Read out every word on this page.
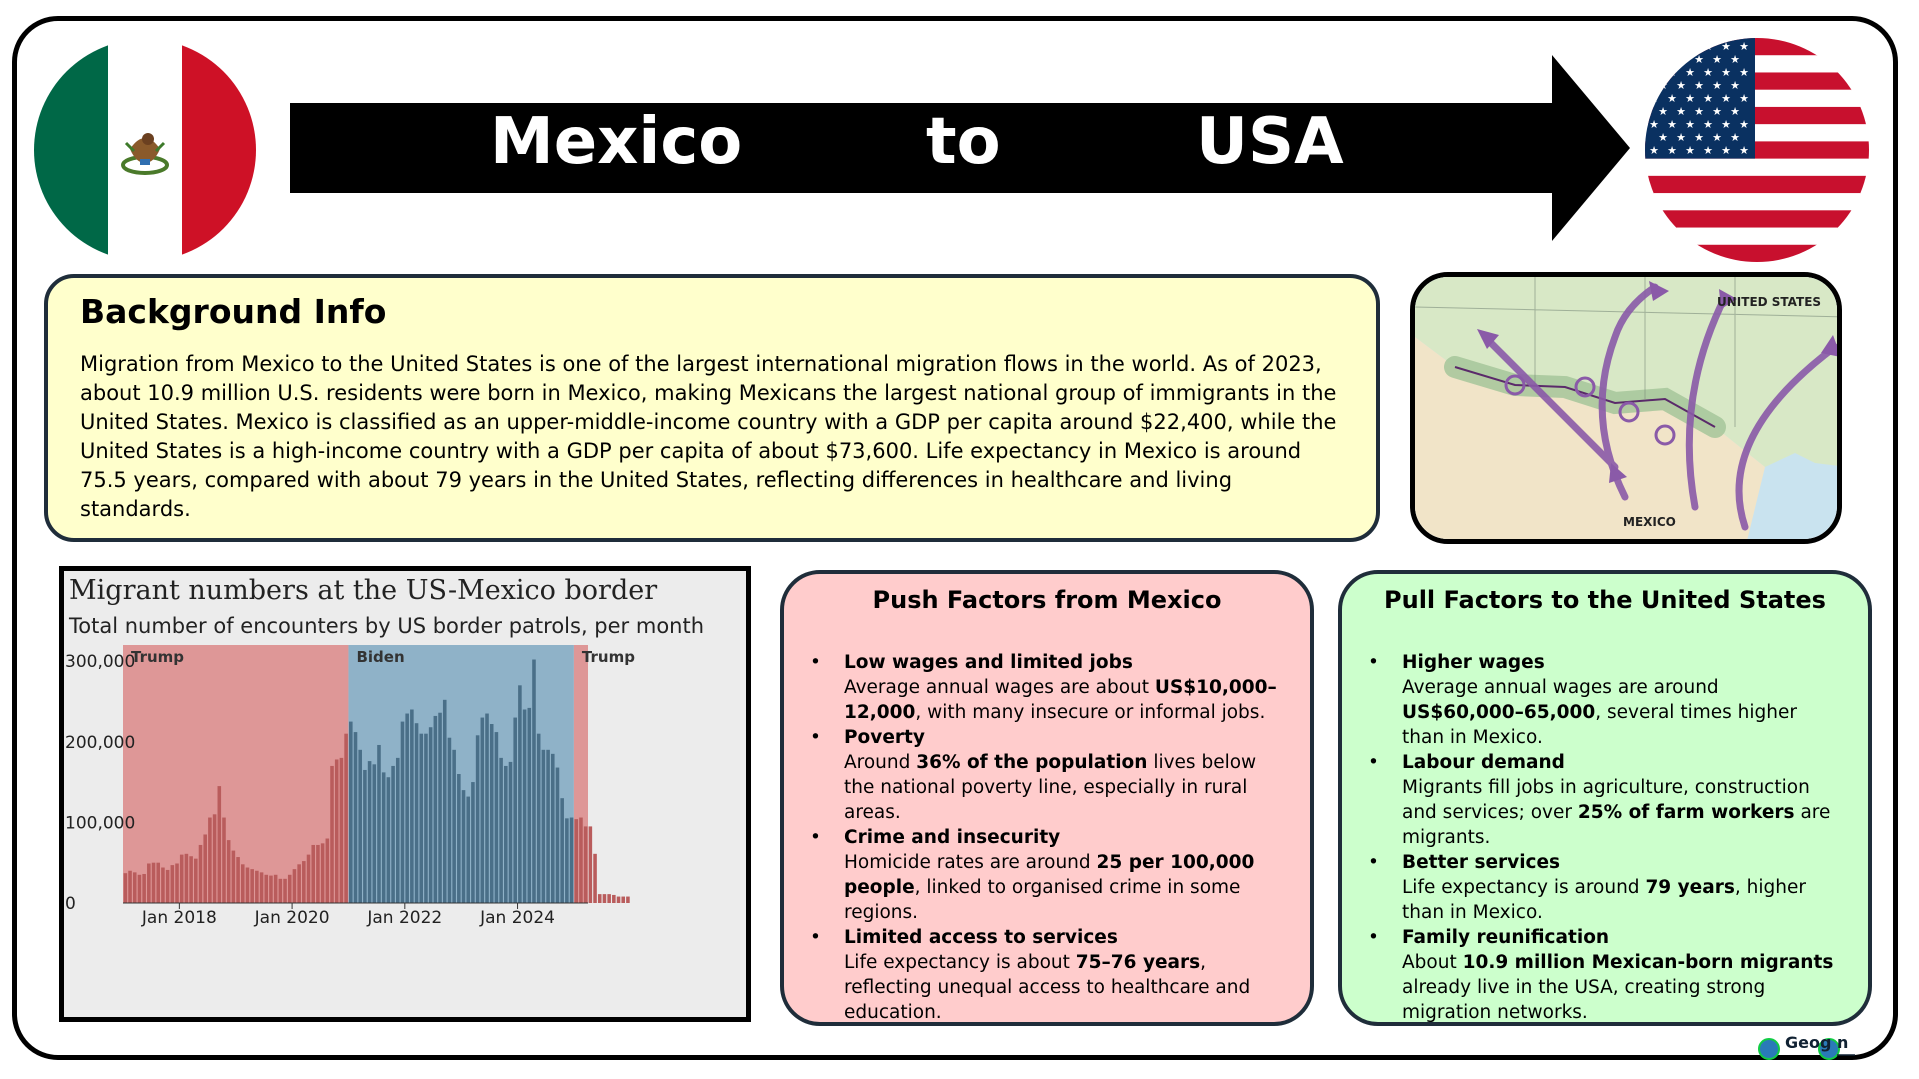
Mexico	to	USA
★ ★ ★ ★ ★ ★
★ ★ ★ ★ ★
★ ★ ★ ★ ★ ★
★ ★ ★ ★ ★
★ ★ ★ ★ ★ ★
★ ★ ★ ★ ★
★ ★ ★ ★ ★ ★
★ ★ ★ ★ ★
★ ★ ★ ★ ★ ★
Background Info
Migration from Mexico to the United States is one of the largest international migration flows in the world. As of 2023, about 10.9 million U.S. residents were born in Mexico, making Mexicans the largest national group of immigrants in the United States. Mexico is classified as an upper-middle-income country with a GDP per capita around $22,400, while the United States is a high-income country with a GDP per capita of about $73,600. Life expectancy in Mexico is around 75.5 years, compared with about 79 years in the United States, reflecting differences in healthcare and living standards.
UNITED STATES
MEXICO
Migrant numbers at the US-Mexico border
Total number of encounters by US border patrols, per month
Trump	Biden	Trump
0
100,000
200,000
300,000
Jan 2018 Jan 2020 Jan 2022 Jan 2024
Push Factors from Mexico
• Low wages and limited jobs
Average annual wages are about US$10,000–12,000, with many insecure or informal jobs.
• Poverty
Around 36% of the population lives below the national poverty line, especially in rural areas.
• Crime and insecurity
Homicide rates are around 25 per 100,000 people, linked to organised crime in some regions.
• Limited access to services
Life expectancy is about 75–76 years, reflecting unequal access to healthcare and education.
Pull Factors to the United States
• Higher wages
Average annual wages are around US$60,000–65,000, several times higher than in Mexico.
• Labour demand
Migrants fill jobs in agriculture, construction and services; over 25% of farm workers are migrants.
• Better services
Life expectancy is around 79 years, higher than in Mexico.
• Family reunification
About 10.9 million Mexican-born migrants already live in the USA, creating strong migration networks.
Geog n
